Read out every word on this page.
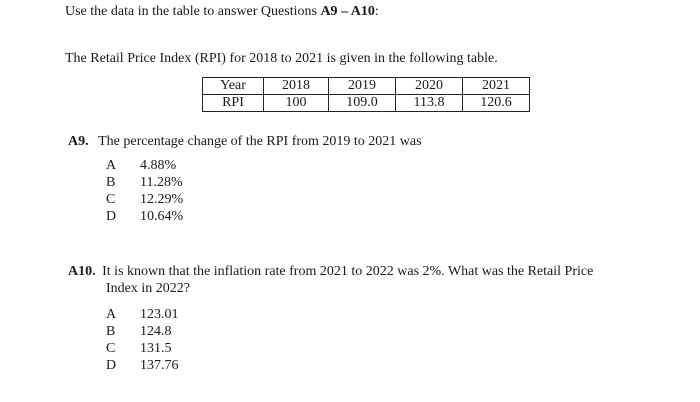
Use the data in the table to answer Questions A9 – A10:
The Retail Price Index (RPI) for 2018 to 2021 is given in the following table.
Year	2018	2019	2020	2021
RPI	100	109.0	113.8	120.6
A9. The percentage change of the RPI from 2019 to 2021 was
A 4.88%
B	11.28%
C	12.29%
D 10.64%
A10. It is known that the inflation rate from 2021 to 2022 was 2%. What was the Retail Price
Index in 2022?
A 123.01
B	124.8
C	131.5
D 137.76
